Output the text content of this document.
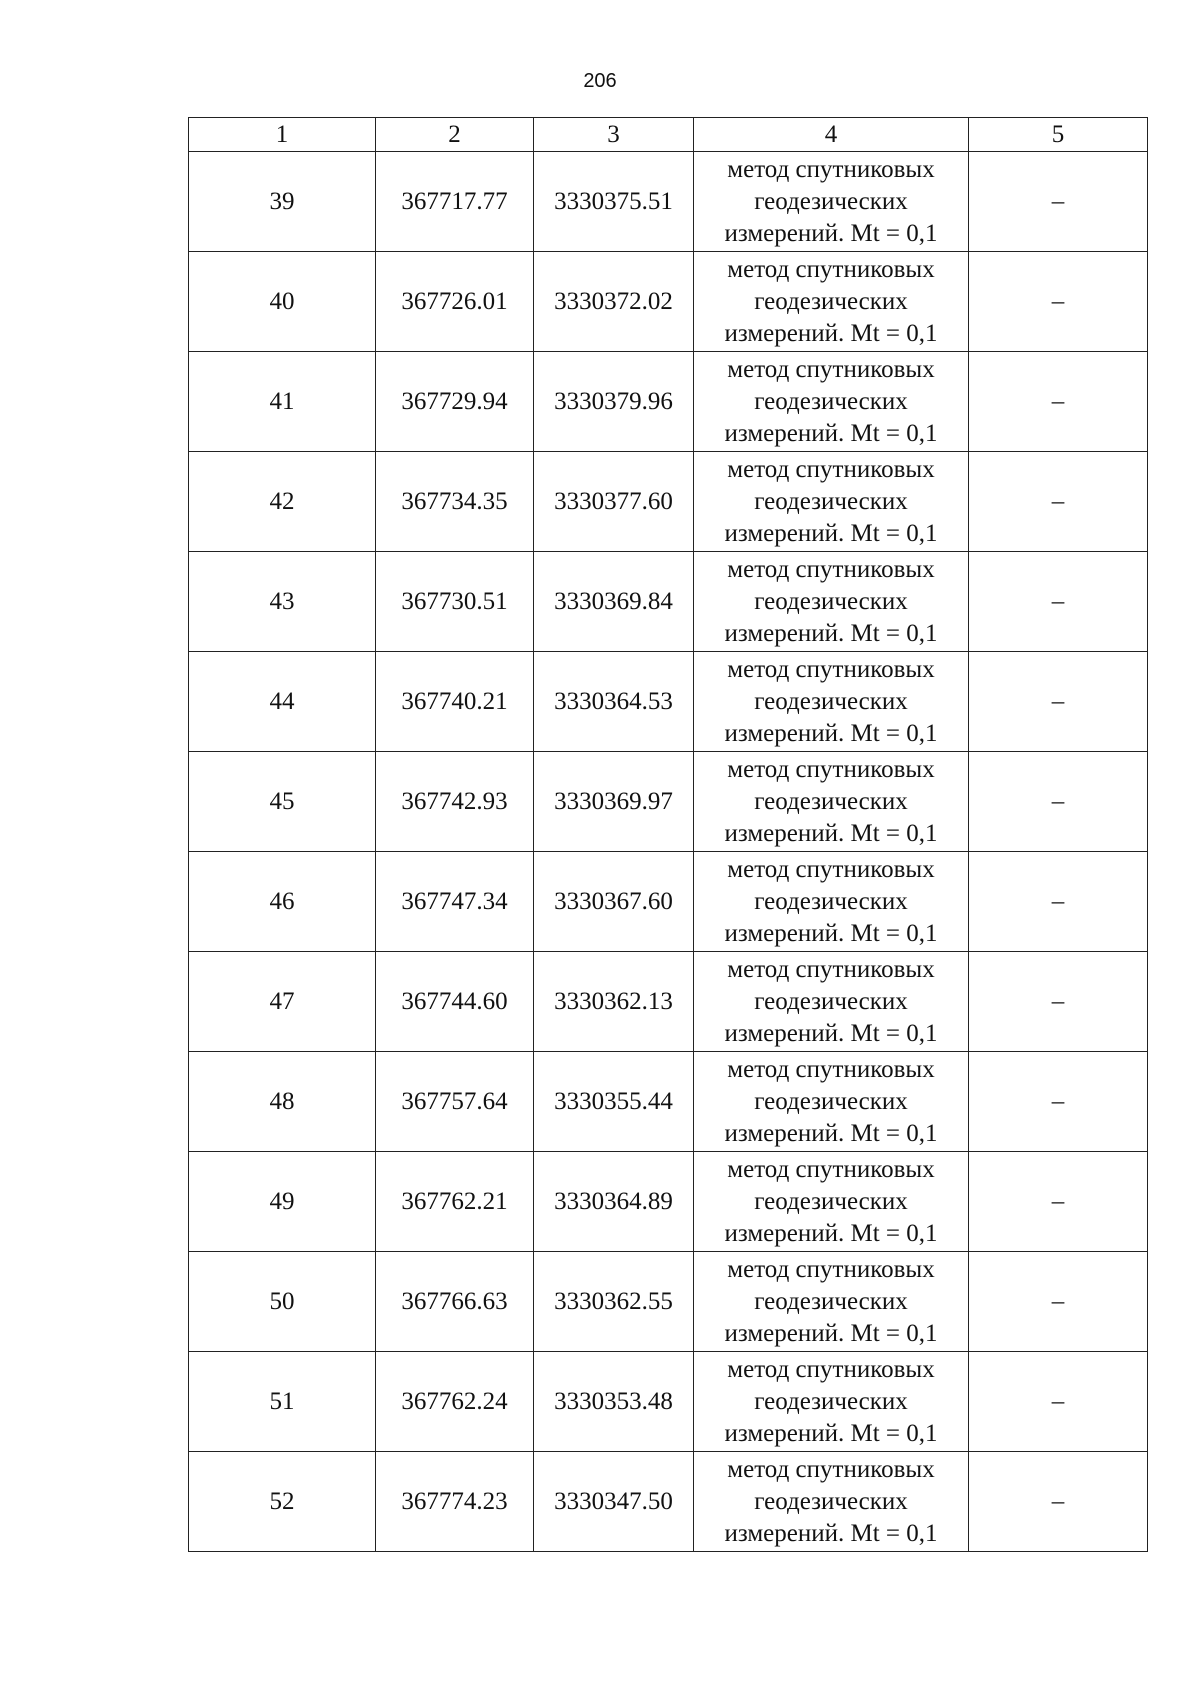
206
1	2	3	4	5
39	367717.77	3330375.51	метод спутниковых
геодезических
измерений. Mt = 0,1	–
40	367726.01	3330372.02	метод спутниковых
геодезических
измерений. Mt = 0,1	–
41	367729.94	3330379.96	метод спутниковых
геодезических
измерений. Mt = 0,1	–
42	367734.35	3330377.60	метод спутниковых
геодезических
измерений. Mt = 0,1	–
43	367730.51	3330369.84	метод спутниковых
геодезических
измерений. Mt = 0,1	–
44	367740.21	3330364.53	метод спутниковых
геодезических
измерений. Mt = 0,1	–
45	367742.93	3330369.97	метод спутниковых
геодезических
измерений. Mt = 0,1	–
46	367747.34	3330367.60	метод спутниковых
геодезических
измерений. Mt = 0,1	–
47	367744.60	3330362.13	метод спутниковых
геодезических
измерений. Mt = 0,1	–
48	367757.64	3330355.44	метод спутниковых
геодезических
измерений. Mt = 0,1	–
49	367762.21	3330364.89	метод спутниковых
геодезических
измерений. Mt = 0,1	–
50	367766.63	3330362.55	метод спутниковых
геодезических
измерений. Mt = 0,1	–
51	367762.24	3330353.48	метод спутниковых
геодезических
измерений. Mt = 0,1	–
52	367774.23	3330347.50	метод спутниковых
геодезических
измерений. Mt = 0,1	–
